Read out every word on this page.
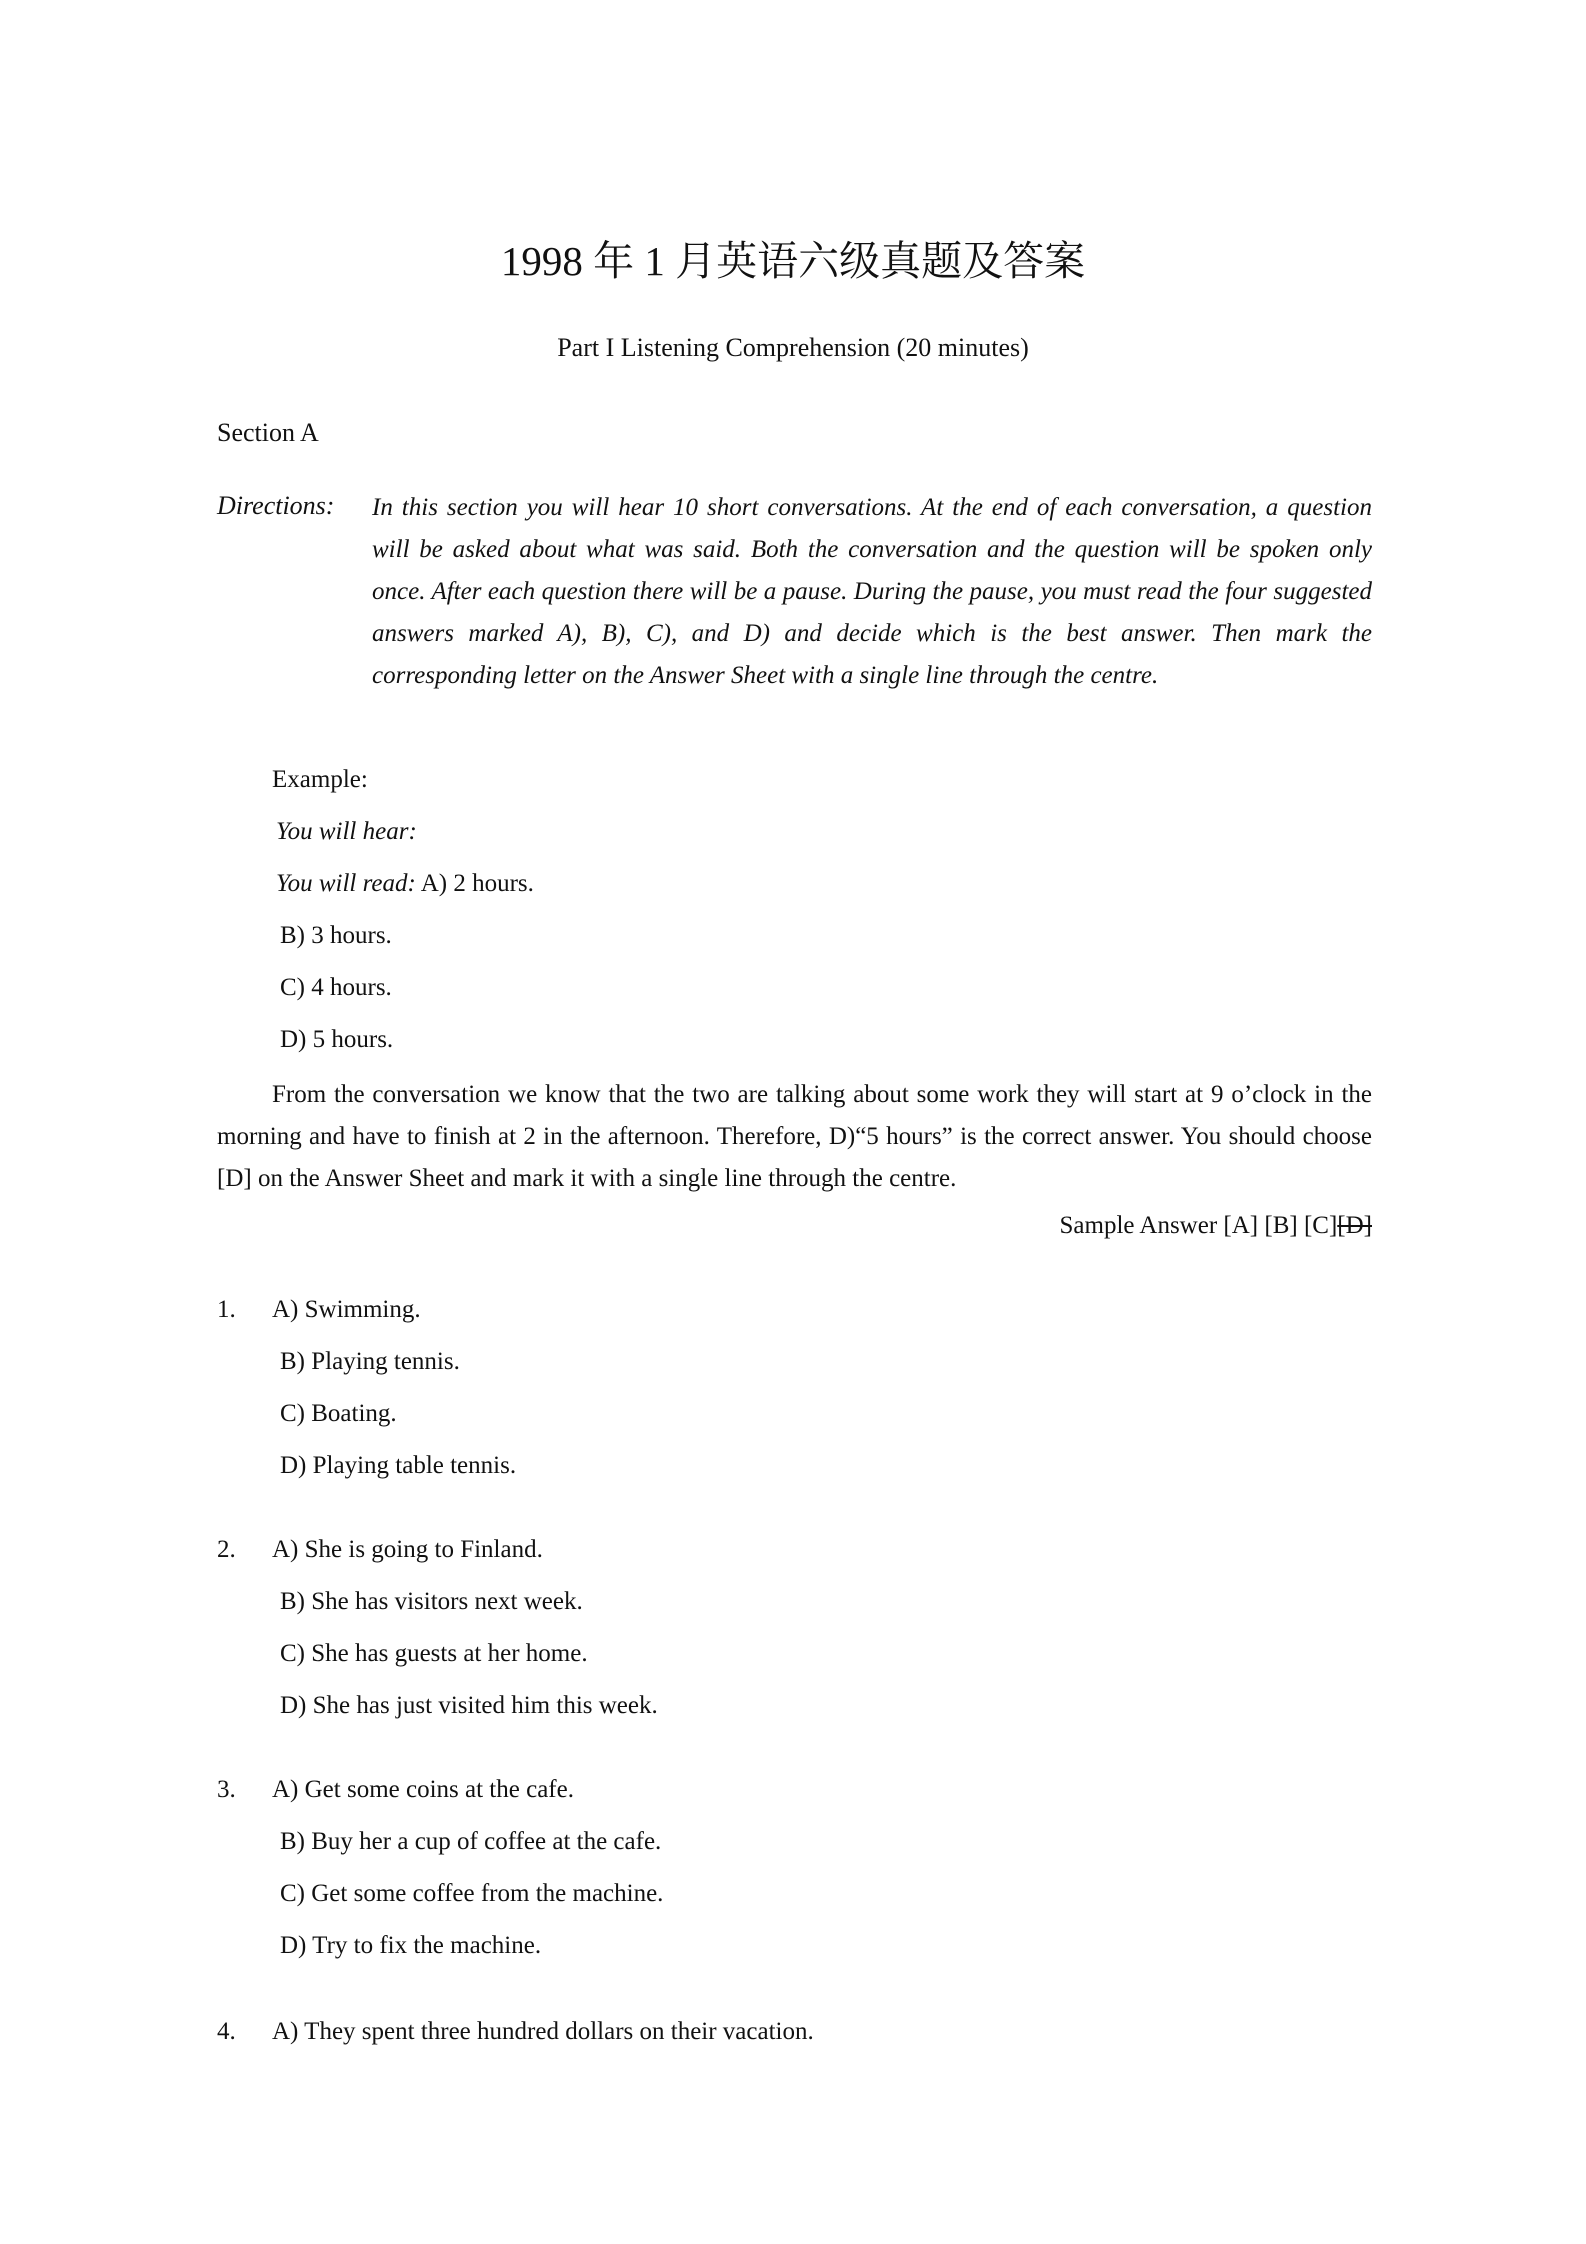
1998 年 1 月英语六级真题及答案
Part I Listening Comprehension (20 minutes)
Section A
Directions: In this section you will hear 10 short conversations. At the end of each conversation, a question will be asked about what was said. Both the conversation and the question will be spoken only once. After each question there will be a pause. During the pause, you must read the four suggested answers marked A), B), C), and D) and decide which is the best answer. Then mark the corresponding letter on the Answer Sheet with a single line through the centre.
Example:
You will hear:
You will read: A) 2 hours.
B) 3 hours.
C) 4 hours.
D) 5 hours.
From the conversation we know that the two are talking about some work they will start at 9 o’clock in the morning and have to finish at 2 in the afternoon. Therefore, D)“5 hours” is the correct answer. You should choose [D] on the Answer Sheet and mark it with a single line through the centre.
Sample Answer [A] [B] [C][D]
1. A) Swimming.
B) Playing tennis.
C) Boating.
D) Playing table tennis.
2. A) She is going to Finland.
B) She has visitors next week.
C) She has guests at her home.
D) She has just visited him this week.
3. A) Get some coins at the cafe.
B) Buy her a cup of coffee at the cafe.
C) Get some coffee from the machine.
D) Try to fix the machine.
4. A) They spent three hundred dollars on their vacation.
